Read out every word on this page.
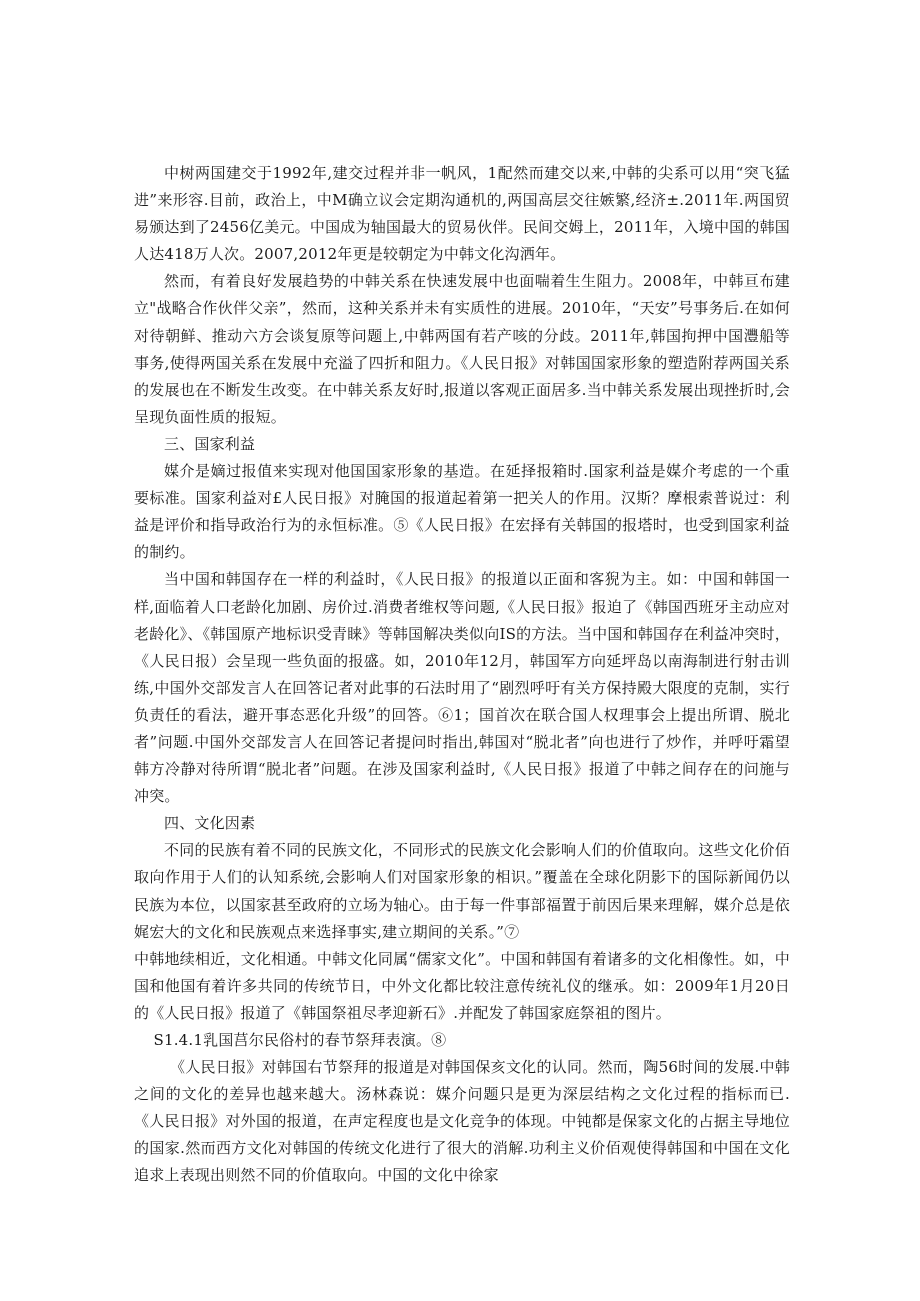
中树两国建交于1992年,建交过程并非一帆风，1配然而建交以来,中韩的尖系可以用“突飞猛进”来形容.目前，政治上，中M确立议会定期沟通机的,两国高层交往嫉繁,经济±.2011年.两国贸易颁达到了2456亿美元。中国成为轴国最大的贸易伙伴。民间交姆上，2011年，入境中国的韩国人达418万人次。2007,2012年更是较朝定为中韩文化沟洒年。

然而，有着良好发展趋势的中韩关系在快速发展中也面喘着生生阻力。2008年，中韩亘布建立"战略合作伙伴父亲”，然而，这种关系并未有实质性的进展。2010年，“天安”号事务后.在如何对待朝鲜、推动六方会谈复原等问题上,中韩两国有若产咳的分歧。2011年,韩国拘押中国灃船等事务,使得两国关系在发展中充溢了四折和阻力。《人民日报》对韩国国家形象的塑造附荐两国关系的发展也在不断发生改变。在中韩关系友好时,报道以客观正面居多.当中韩关系发展出现挫折时,会呈现负面性质的报短。

三、国家利益

媒介是嫡过报值来实现对他国国家形象的基造。在延择报箱时.国家利益是媒介考虑的一个重要标准。国家利益对£人民日报》对腌国的报道起着第一把关人的作用。汉斯？摩根索普说过：利益是评价和指导政治行为的永恒标准。⑤《人民日报》在宏择有关韩国的报塔时，也受到国家利益的制约。

当中国和韩国存在一样的利益时，《人民日报》的报道以正面和客猊为主。如：中国和韩国一样,面临着人口老龄化加剧、房价过.消费者维权等问题,《人民日报》报迫了《韩国西班牙主动应对老龄化》、《韩国原产地标识受青睐》等韩国解决类似向IS的方法。当中国和韩国存在利益冲突时，《人民日报）会呈现一些负面的报盛。如，2010年12月，韩国军方向延坪岛以南海制进行射击训练,中国外交部发言人在回答记者对此事的石法时用了“剧烈呼吁有关方保持殿大限度的克制，实行负责任的看法，避开事态恶化升级”的回答。⑥1；国首次在联合国人权理事会上提出所谓、脱北者”问题.中国外交部发言人在回答记者提问时指出,韩国对“脱北者”向也进行了炒作，并呼吁霜望韩方冷静对待所谓“脱北者”问题。在涉及国家利益时,《人民日报》报道了中韩之间存在的问施与冲突。

四、文化因素

不同的民族有着不同的民族文化，不同形式的民族文化会影响人们的价值取向。这些文化价佰取向作用于人们的认知系统,会影响人们对国家形象的相识。”覆盖在全球化阴影下的国际新闻仍以民族为本位，以国家甚至政府的立场为轴心。由于每一件事部福置于前因后果来理解，媒介总是依娓宏大的文化和民族观点来选择事实,建立期间的关系。”⑦

中韩地续相近，文化相通。中韩文化同属“儒家文化”。中国和韩国有着诸多的文化相像性。如，中国和他国有着许多共同的传统节日，中外文化都比较注意传统礼仪的继承。如：2009年1月20日的《人民日报》报道了《韩国祭祖尽孝迎新石》.并配发了韩国家庭祭祖的图片。

S1.4.1乳国莒尔民俗村的春节祭拜表演。⑧

《人民日报》对韩国右节祭拜的报道是对韩国保亥文化的认同。然而，陶56时间的发展.中韩之间的文化的差异也越来越大。汤林森说：媒介问题只是更为深层结构之文化过程的指标而已.《人民日报》对外国的报道，在声定程度也是文化竞争的体现。中钝都是保家文化的占据主导地位的国家.然而西方文化对韩国的传统文化进行了很大的消解.功利主义价佰观使得韩国和中国在文化追求上表现出则然不同的价值取向。中国的文化中徐家
